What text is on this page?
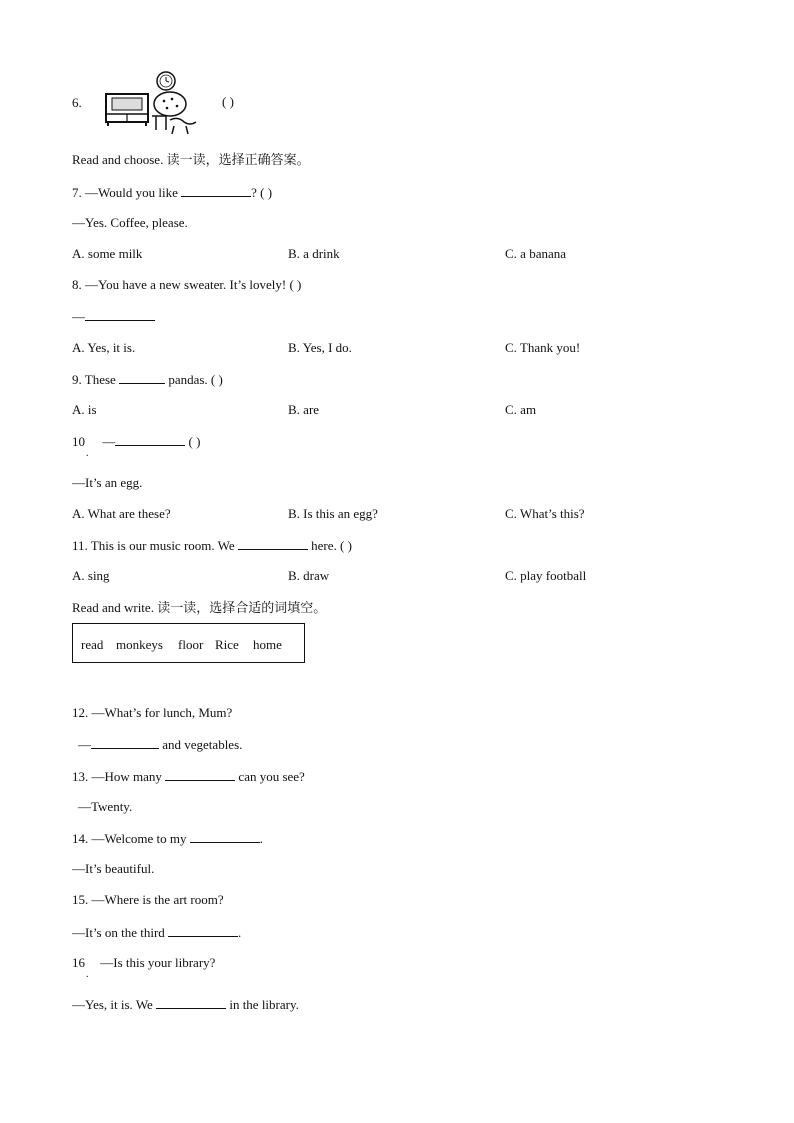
6.	( )
Read and choose. 读一读，选择正确答案。
7. —Would you like	? ( )
—Yes. Coffee, please.
A. some milk	B. a drink	C. a banana
8. —You have a new sweater. It’s lovely! ( )
—
A. Yes, it is.	B. Yes, I do.	C. Thank you!
9. These	pandas. ( )
A. is	B. are	C. am
10 —	( )
.
—It’s an egg.
A. What are these?	B. Is this an egg?	C. What’s this?
11. This is our music room. We	here. ( )
A. sing	B. draw	C. play football
Read and write. 读一读，选择合适的词填空。
read monkeys floor Rice home
12. —What’s for lunch, Mum?
—	and vegetables.
13. —How many	can you see?
—Twenty.
14. —Welcome to my	.
—It’s beautiful.
15. —Where is the art room?
—It’s on the third	.
16 —Is this your library?
.
—Yes, it is. We	in the library.
